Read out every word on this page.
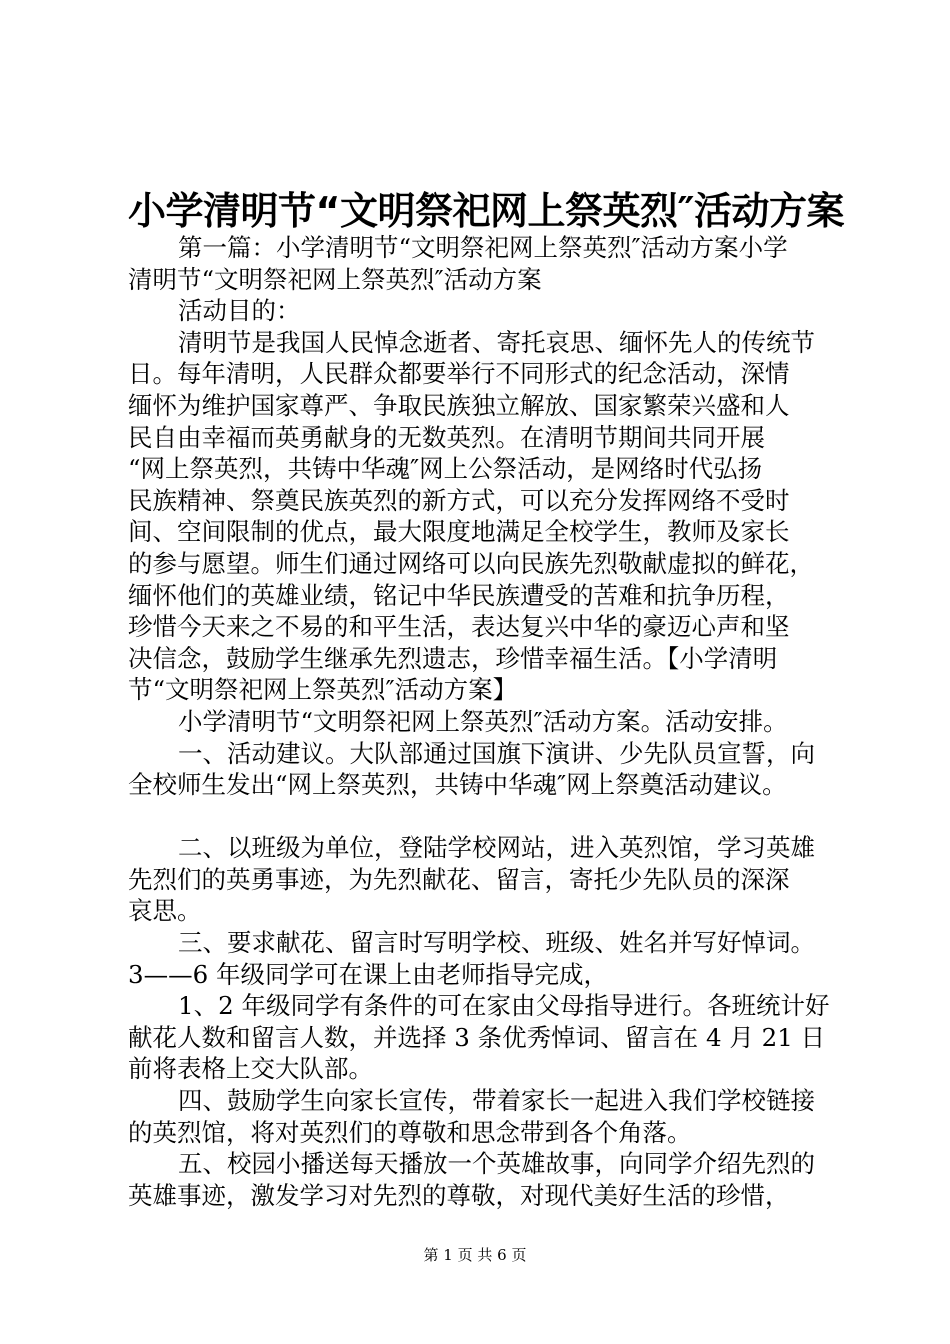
小学清明节“文明祭祀网上祭英烈″活动方案
第一篇：小学清明节“文明祭祀网上祭英烈″活动方案小学
清明节“文明祭祀网上祭英烈″活动方案
活动目的：
清明节是我国人民悼念逝者、寄托哀思、缅怀先人的传统节
日。每年清明，人民群众都要举行不同形式的纪念活动，深情
缅怀为维护国家尊严、争取民族独立解放、国家繁荣兴盛和人
民自由幸福而英勇献身的无数英烈。在清明节期间共同开展
“网上祭英烈，共铸中华魂″网上公祭活动，是网络时代弘扬
民族精神、祭奠民族英烈的新方式，可以充分发挥网络不受时
间、空间限制的优点，最大限度地满足全校学生，教师及家长
的参与愿望。师生们通过网络可以向民族先烈敬献虚拟的鲜花，
缅怀他们的英雄业绩，铭记中华民族遭受的苦难和抗争历程，
珍惜今天来之不易的和平生活，表达复兴中华的豪迈心声和坚
决信念，鼓励学生继承先烈遗志，珍惜幸福生活。【小学清明
节“文明祭祀网上祭英烈″活动方案】
小学清明节“文明祭祀网上祭英烈″活动方案。活动安排。
一、活动建议。大队部通过国旗下演讲、少先队员宣誓，向
全校师生发出“网上祭英烈，共铸中华魂″网上祭奠活动建议。
二、以班级为单位，登陆学校网站，进入英烈馆，学习英雄
先烈们的英勇事迹，为先烈献花、留言，寄托少先队员的深深
哀思。
三、要求献花、留言时写明学校、班级、姓名并写好悼词。
3——6 年级同学可在课上由老师指导完成，
1、2 年级同学有条件的可在家由父母指导进行。各班统计好
献花人数和留言人数，并选择 3 条优秀悼词、留言在 4 月 21 日
前将表格上交大队部。
四、鼓励学生向家长宣传，带着家长一起进入我们学校链接
的英烈馆，将对英烈们的尊敬和思念带到各个角落。
五、校园小播送每天播放一个英雄故事，向同学介绍先烈的
英雄事迹，激发学习对先烈的尊敬，对现代美好生活的珍惜，
第 1 页 共 6 页
